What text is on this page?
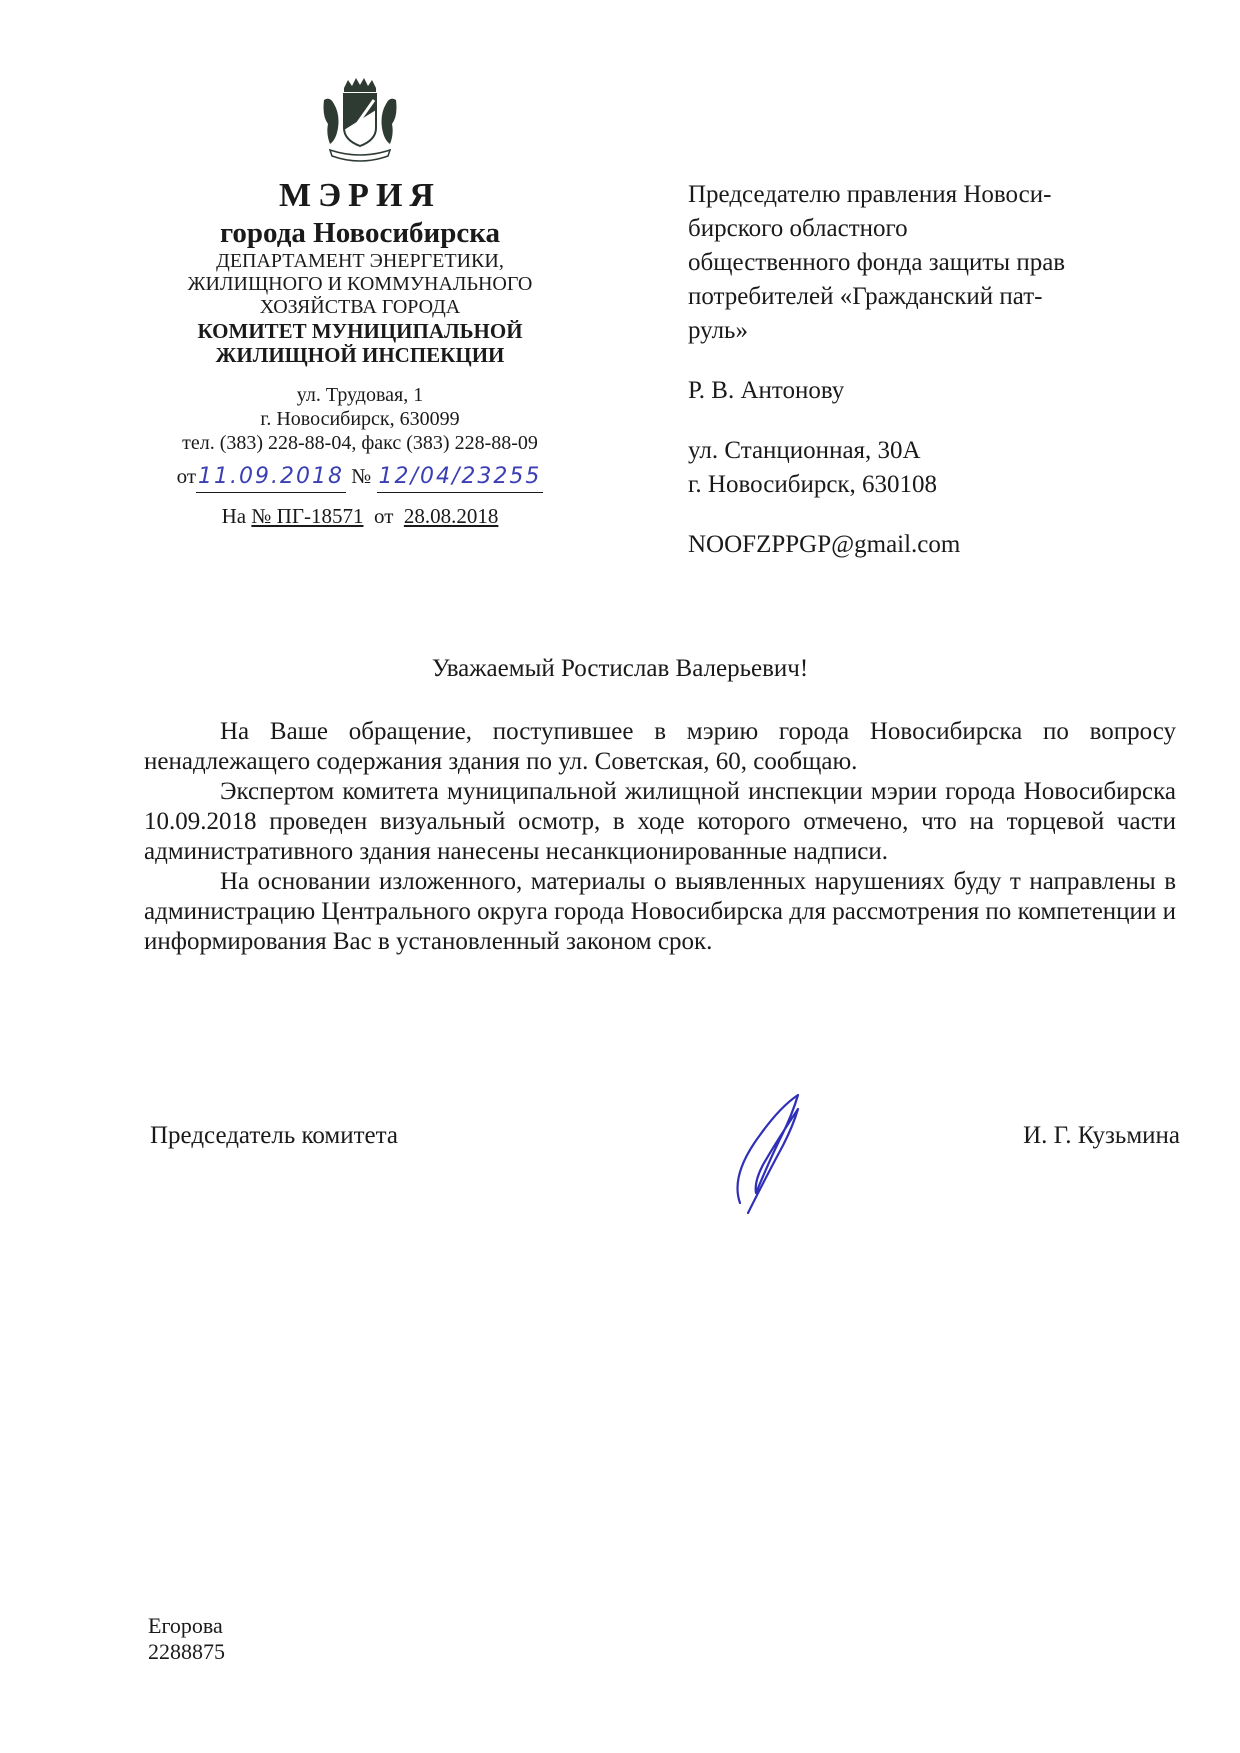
МЭРИЯ
города Новосибирска
ДЕПАРТАМЕНТ ЭНЕРГЕТИКИ,
ЖИЛИЩНОГО И КОММУНАЛЬНОГО
ХОЗЯЙСТВА ГОРОДА
КОМИТЕТ МУНИЦИПАЛЬНОЙ
ЖИЛИЩНОЙ ИНСПЕКЦИИ
ул. Трудовая, 1
г. Новосибирск, 630099
тел. (383) 228-88-04, факс (383) 228-88-09
от11.09.2018 № 12/04/23255
На № ПГ-18571 от 28.08.2018
Председателю правления Новоси-
бирского областного
общественного фонда защиты прав
потребителей «Гражданский пат-
руль»
Р. В. Антонову
ул. Станционная, 30А
г. Новосибирск, 630108
NOOFZPPGP@gmail.com
Уважаемый Ростислав Валерьевич!

На Ваше обращение, поступившее в мэрию города Новосибирска по вопросу ненадлежащего содержания здания по ул. Советская, 60, сообщаю.

Экспертом комитета муниципальной жилищной инспекции мэрии города Новосибирска 10.09.2018 проведен визуальный осмотр, в ходе которого отмечено, что на торцевой части административного здания нанесены несанкционированные надписи.

На основании изложенного, материалы о выявленных нарушениях буду т направлены в администрацию Центрального округа города Новосибирска для рассмотрения по компетенции и информирования Вас в установленный законом срок.

Председатель комитета	И. Г. Кузьмина
Егорова
2288875
